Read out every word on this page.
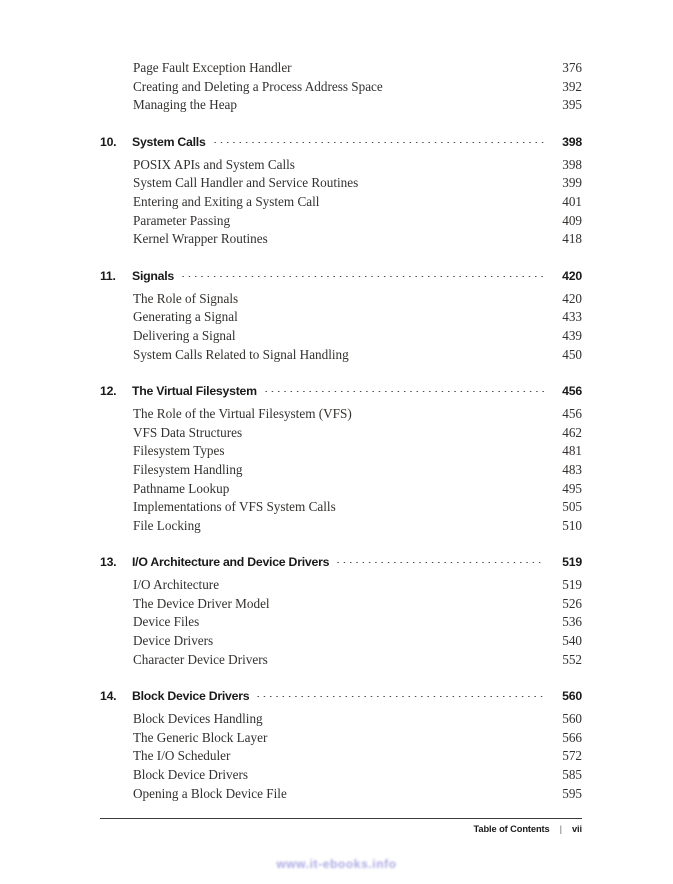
Page Fault Exception Handler	376
Creating and Deleting a Process Address Space	392
Managing the Heap	395
10.	System Calls	398
POSIX APIs and System Calls	398
System Call Handler and Service Routines	399
Entering and Exiting a System Call	401
Parameter Passing	409
Kernel Wrapper Routines	418
11.	Signals	420
The Role of Signals	420
Generating a Signal	433
Delivering a Signal	439
System Calls Related to Signal Handling	450
12.	The Virtual Filesystem	456
The Role of the Virtual Filesystem (VFS)	456
VFS Data Structures	462
Filesystem Types	481
Filesystem Handling	483
Pathname Lookup	495
Implementations of VFS System Calls	505
File Locking	510
13.	I/O Architecture and Device Drivers	519
I/O Architecture	519
The Device Driver Model	526
Device Files	536
Device Drivers	540
Character Device Drivers	552
14.	Block Device Drivers	560
Block Devices Handling	560
The Generic Block Layer	566
The I/O Scheduler	572
Block Device Drivers	585
Opening a Block Device File	595
Table of Contents | vii
www.it-ebooks.info
